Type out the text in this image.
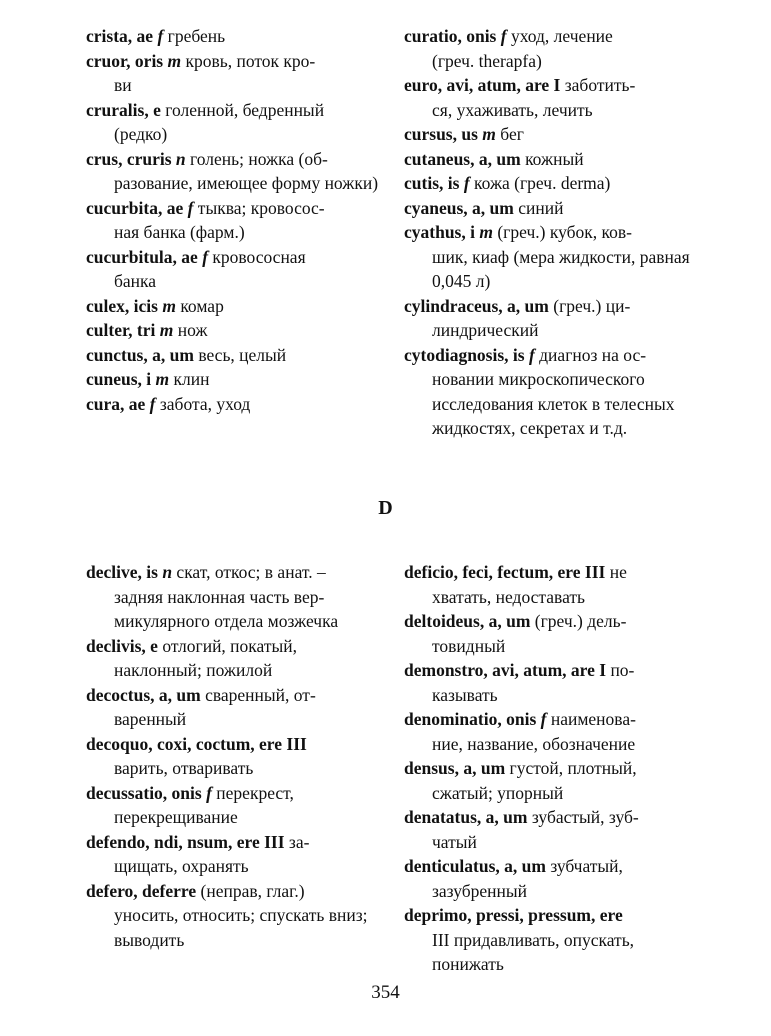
crista, ae f гребень

cruor, oris m кровь, поток кро-
ви

cruralis, e голенной, бедренный
(редко)

crus, cruris n голень; ножка (об-
разование, имеющее форму ножки)

cucurbita, ae f тыква; кровосос-
ная банка (фарм.)

cucurbitula, ae f кровососная
банка

culex, icis m комар

culter, tri m нож

cunctus, a, um весь, целый

cuneus, i m клин

cura, ae f забота, уход

curatio, onis f уход, лечение
(греч. therapfa)

euro, avi, atum, are I заботить-
ся, ухаживать, лечить

cursus, us m бег

cutaneus, a, um кожный

cutis, is f кожа (греч. derma)

cyaneus, a, um синий

cyathus, i m (греч.) кубок, ков-
шик, киаф (мера жидкости, равная 0,045 л)

cylindraceus, a, um (греч.) ци-
линдрический

cytodiagnosis, is f диагноз на ос-
новании микроскопического исследования клеток в телесных жидкостях, секретах и т.д.

D

declive, is n скат, откос; в анат. –
задняя наклонная часть вер-микулярного отдела мозжечка

declivis, e отлогий, покатый,
наклонный; пожилой

decoctus, a, um сваренный, от-
варенный

decoquo, coxi, coctum, ere III
варить, отваривать

decussatio, onis f перекрест,
перекрещивание

defendo, ndi, nsum, ere III за-
щищать, охранять

defero, deferre (неправ, глаг.)
уносить, относить; спускать вниз; выводить

deficio, feci, fectum, ere III не
хватать, недоставать

deltoideus, a, um (греч.) дель-
товидный

demonstro, avi, atum, are I по-
казывать

denominatio, onis f наименова-
ние, название, обозначение

densus, a, um густой, плотный,
сжатый; упорный

denatatus, a, um зубастый, зуб-
чатый

denticulatus, a, um зубчатый,
зазубренный

deprimo, pressi, pressum, ere
III придавливать, опускать, понижать

354
